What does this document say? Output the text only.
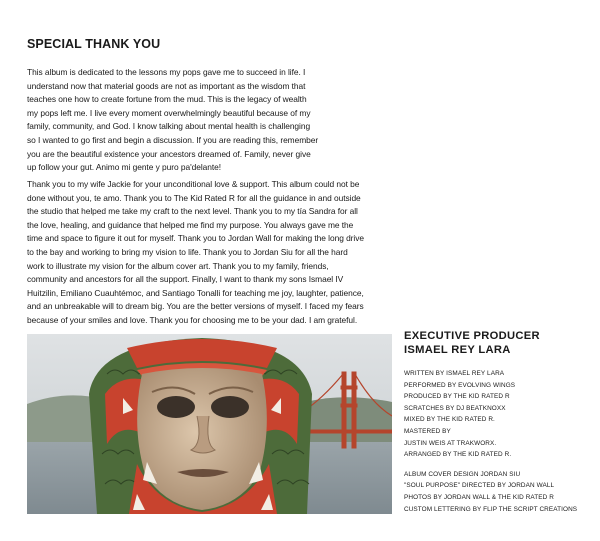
SPECIAL THANK YOU
This album is dedicated to the lessons my pops gave me to succeed in life. I
understand now that material goods are not as important as the wisdom that
teaches one how to create fortune from the mud. This is the legacy of wealth
my pops left me. I live every moment overwhelmingly beautiful because of my
family, community, and God. I know talking about mental health is challenging
so I wanted to go first and begin a discussion. If you are reading this, remember
you are the beautiful existence your ancestors dreamed of. Family, never give
up follow your gut. Animo mi gente y puro pa'delante!
Thank you to my wife Jackie for your unconditional love & support. This album could not be
done without you, te amo. Thank you to The Kid Rated R for all the guidance in and outside
the studio that helped me take my craft to the next level. Thank you to my tía Sandra for all
the love, healing, and guidance that helped me find my purpose. You always gave me the
time and space to figure it out for myself. Thank you to Jordan Wall for making the long drive
to the bay and working to bring my vision to life. Thank you to Jordan Siu for all the hard
work to illustrate my vision for the album cover art. Thank you to my family, friends,
community and ancestors for all the support. Finally, I want to thank my sons Ismael IV
Huitzilin, Emiliano Cuauhtémoc, and Santiago Tonalli for teaching me joy, laughter, patience,
and an unbreakable will to dream big. You are the better versions of myself. I faced my fears
because of your smiles and love. Thank you for choosing me to be your dad. I am grateful.
EXECUTIVE PRODUCER
ISMAEL REY LARA
WRITTEN BY ISMAEL REY LARA
PERFORMED BY EVOLVING WINGS
PRODUCED BY THE KID RATED R
SCRATCHES BY DJ BEATKNOXX
MIXED BY THE KID RATED R.
MASTERED BY
JUSTIN WEIS AT TRAKWORX.
ARRANGED BY THE KID RATED R.
ALBUM COVER DESIGN JORDAN SIU
"SOUL PURPOSE" DIRECTED BY JORDAN WALL
PHOTOS BY JORDAN WALL & THE KID RATED R
CUSTOM LETTERING BY FLIP THE SCRIPT CREATIONS
